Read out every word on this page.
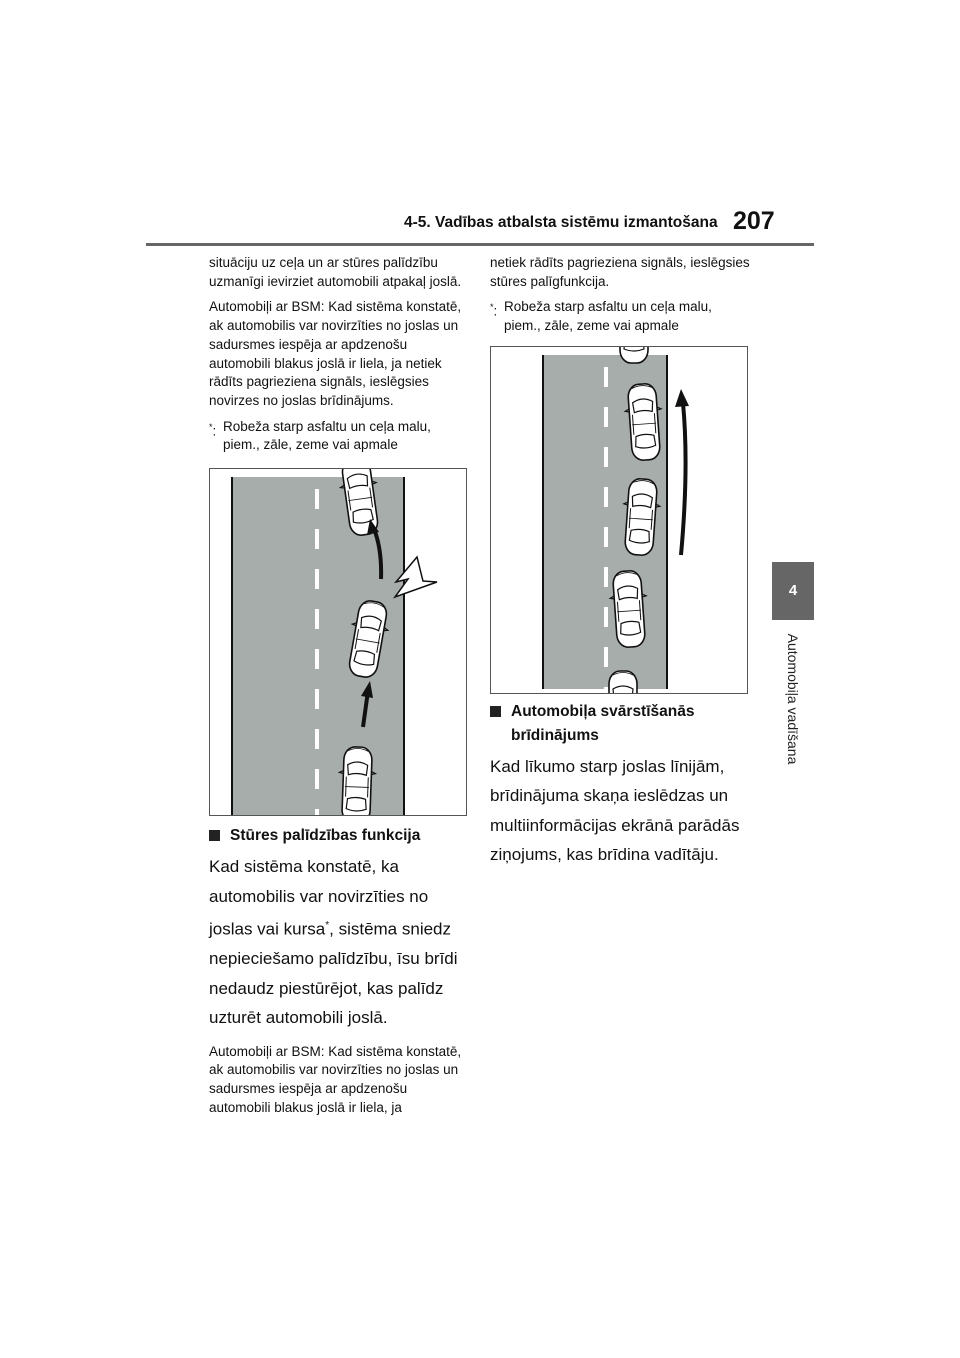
4-5. Vadības atbalsta sistēmu izmantošana 207
4
Automobiļa vadīšana

situāciju uz ceļa un ar stūres palīdzību uzmanīgi ievirziet automobili atpakaļ joslā.

Automobiļi ar BSM: Kad sistēma konstatē, ak automobilis var novirzīties no joslas un sadursmes iespēja ar apdzenošu automobili blakus joslā ir liela, ja netiek rādīts pagrieziena signāls, ieslēgsies novirzes no joslas brīdinājums.

*: Robeža starp asfaltu un ceļa malu, piem., zāle, zeme vai apmale
Stūres palīdzības funkcija

Kad sistēma konstatē, ka automobilis var novirzīties no joslas vai kursa*, sistēma sniedz nepieciešamo palīdzību, īsu brīdi nedaudz piestūrējot, kas palīdz uzturēt automobili joslā.

Automobiļi ar BSM: Kad sistēma konstatē, ak automobilis var novirzīties no joslas un sadursmes iespēja ar apdzenošu automobili blakus joslā ir liela, ja

netiek rādīts pagrieziena signāls, ieslēgsies stūres palīgfunkcija.

*: Robeža starp asfaltu un ceļa malu, piem., zāle, zeme vai apmale
Automobiļa svārstīšanās brīdinājums

Kad līkumo starp joslas līnijām, brīdinājuma skaņa ieslēdzas un multiinformācijas ekrānā parādās ziņojums, kas brīdina vadītāju.
